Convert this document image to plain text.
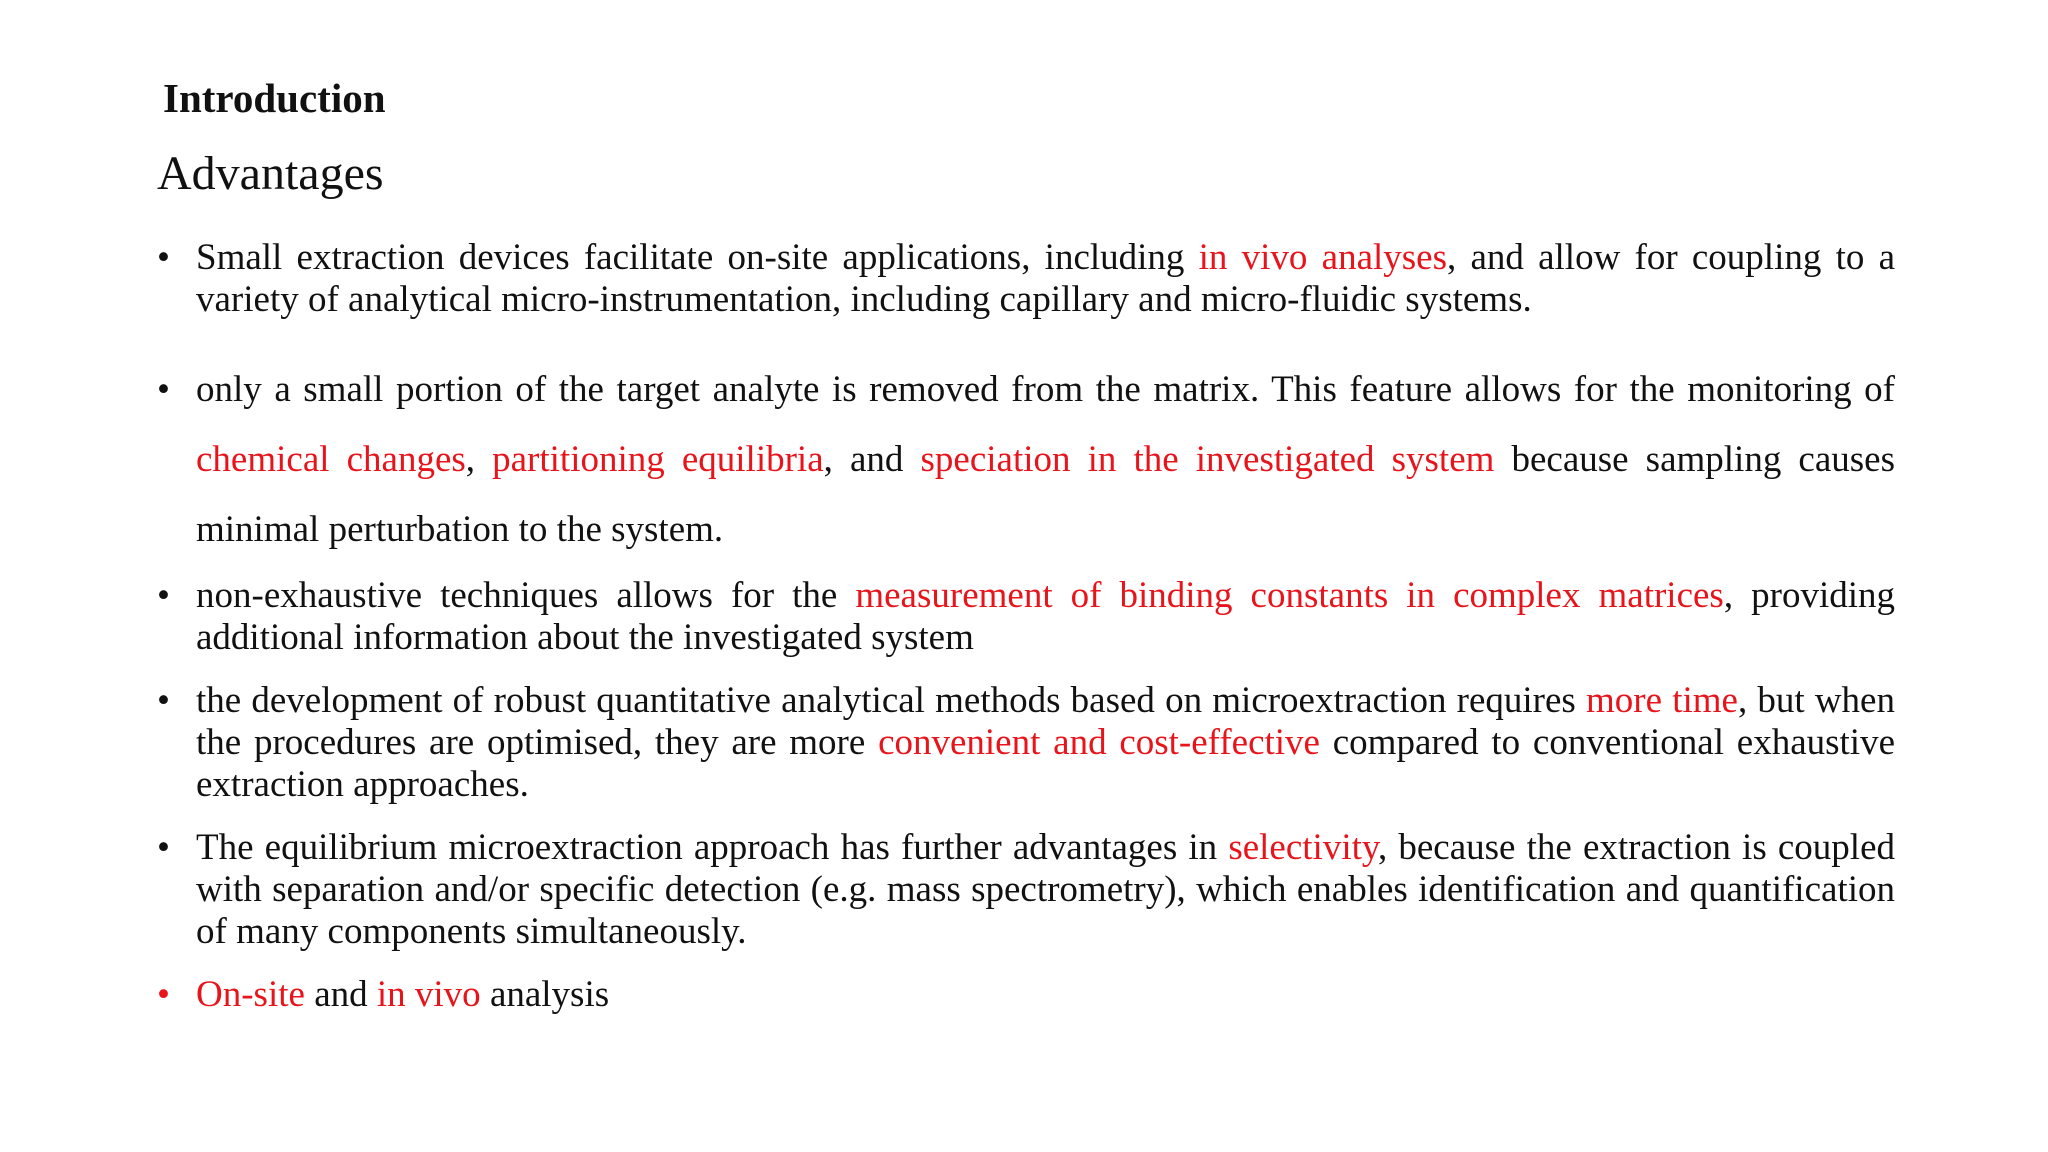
Introduction
Advantages
• Small extraction devices facilitate on-site applications, including in vivo analyses, and allow for coupling to a variety of analytical micro-instrumentation, including capillary and micro-fluidic systems.
• only a small portion of the target analyte is removed from the matrix. This feature allows for the monitoring of chemical changes, partitioning equilibria, and speciation in the investigated system because sampling causes minimal perturbation to the system.
• non-exhaustive techniques allows for the measurement of binding constants in complex matrices, providing additional information about the investigated system
• the development of robust quantitative analytical methods based on microextraction requires more time, but when the procedures are optimised, they are more convenient and cost-effective compared to conventional exhaustive extraction approaches.
• The equilibrium microextraction approach has further advantages in selectivity, because the extraction is coupled with separation and/or specific detection (e.g. mass spectrometry), which enables identification and quantification of many components simultaneously.
• On-site and in vivo analysis
